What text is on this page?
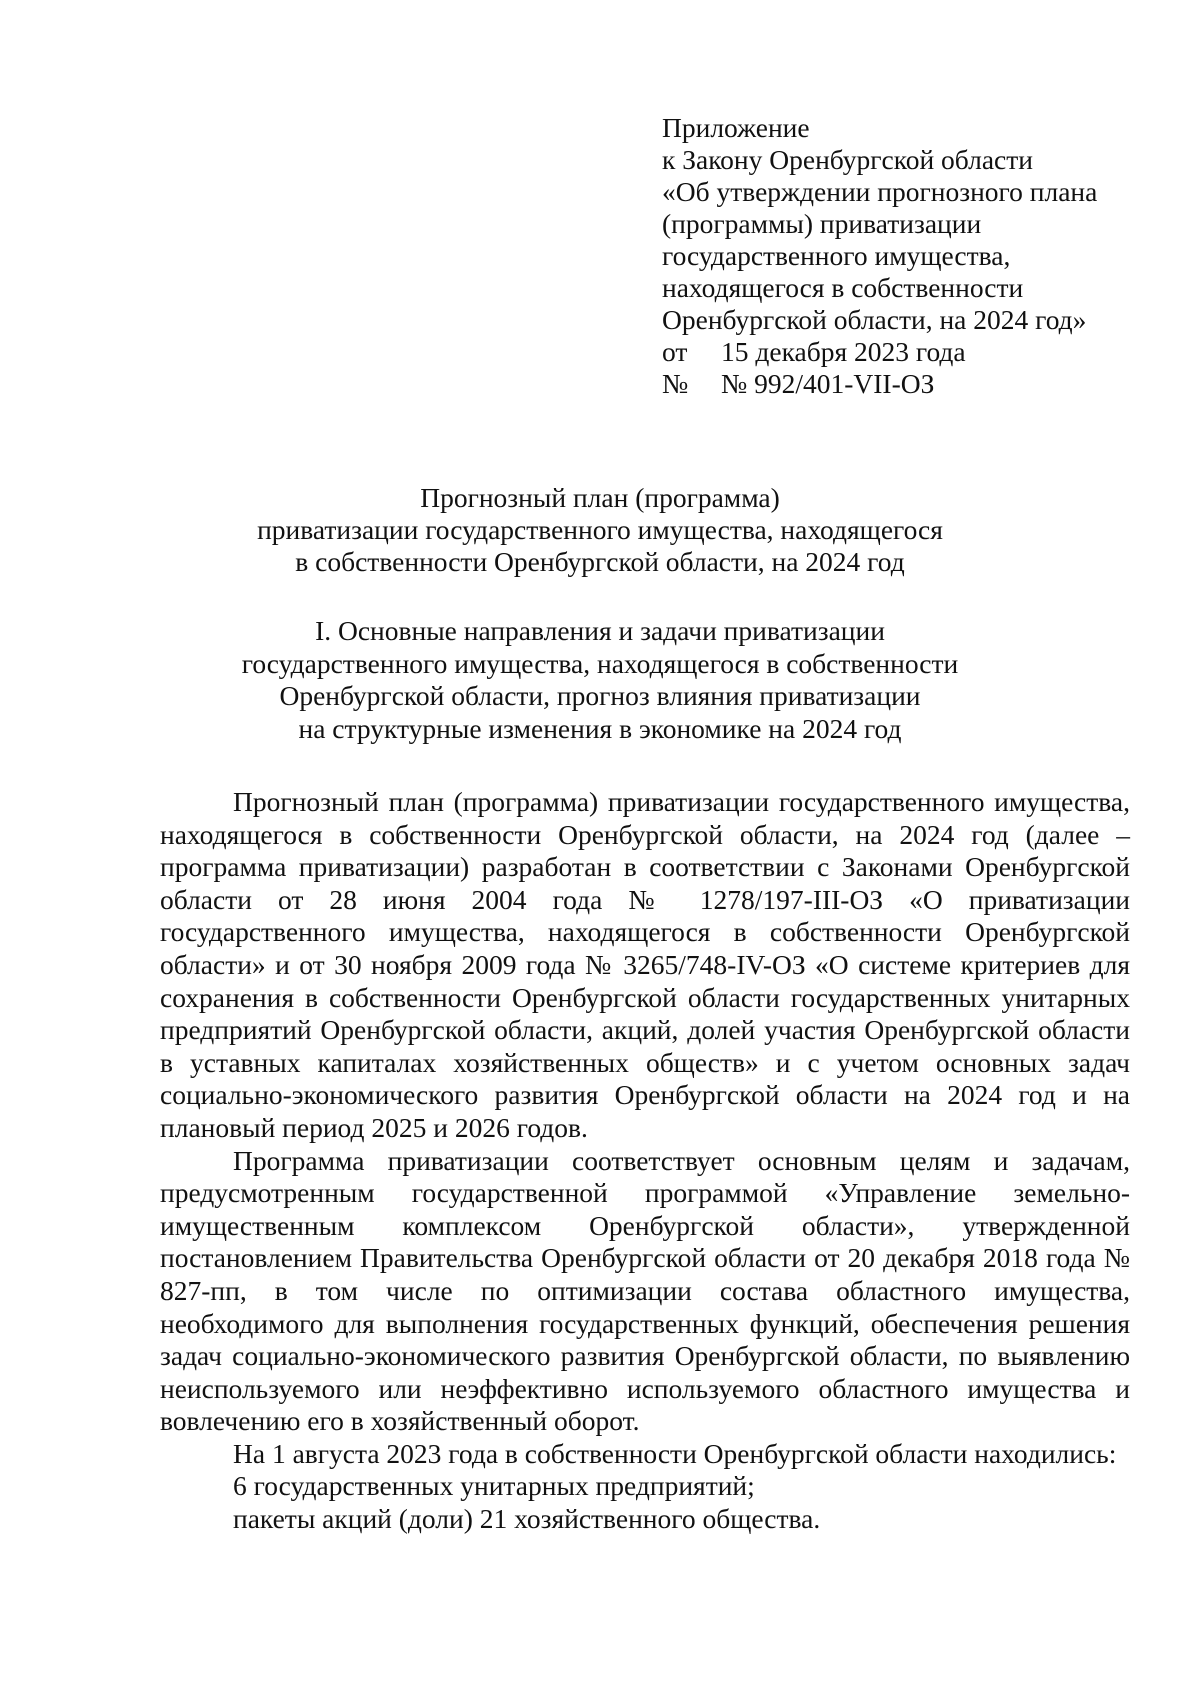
Приложение
к Закону Оренбургской области
«Об утверждении прогнозного плана
(программы) приватизации
государственного имущества,
находящегося в собственности
Оренбургской области, на 2024 год»
от	15 декабря 2023 года
№	№ 992/401-VII-ОЗ
Прогнозный план (программа)
приватизации государственного имущества, находящегося
в собственности Оренбургской области, на 2024 год
I. Основные направления и задачи приватизации
государственного имущества, находящегося в собственности
Оренбургской области, прогноз влияния приватизации
на структурные изменения в экономике на 2024 год

Прогнозный план (программа) приватизации государственного имущества, находящегося в собственности Оренбургской области, на 2024 год (далее – программа приватизации) разработан в соответствии с Законами Оренбургской области от 28 июня 2004 года № 1278/197-III-ОЗ «О приватизации государственного имущества, находящегося в собственности Оренбургской области» и от 30 ноября 2009 года № 3265/748-IV-ОЗ «О системе критериев для сохранения в собственности Оренбургской области государственных унитарных предприятий Оренбургской области, акций, долей участия Оренбургской области в уставных капиталах хозяйственных обществ» и с учетом основных задач социально-экономического развития Оренбургской области на 2024 год и на плановый период 2025 и 2026 годов.

Программа приватизации соответствует основным целям и задачам, предусмотренным государственной программой «Управление земельно-имущественным комплексом Оренбургской области», утвержденной постановлением Правительства Оренбургской области от 20 декабря 2018 года № 827-пп, в том числе по оптимизации состава областного имущества, необходимого для выполнения государственных функций, обеспечения решения задач социально-экономического развития Оренбургской области, по выявлению неиспользуемого или неэффективно используемого областного имущества и вовлечению его в хозяйственный оборот.

На 1 августа 2023 года в собственности Оренбургской области находились:

6 государственных унитарных предприятий;

пакеты акций (доли) 21 хозяйственного общества.
